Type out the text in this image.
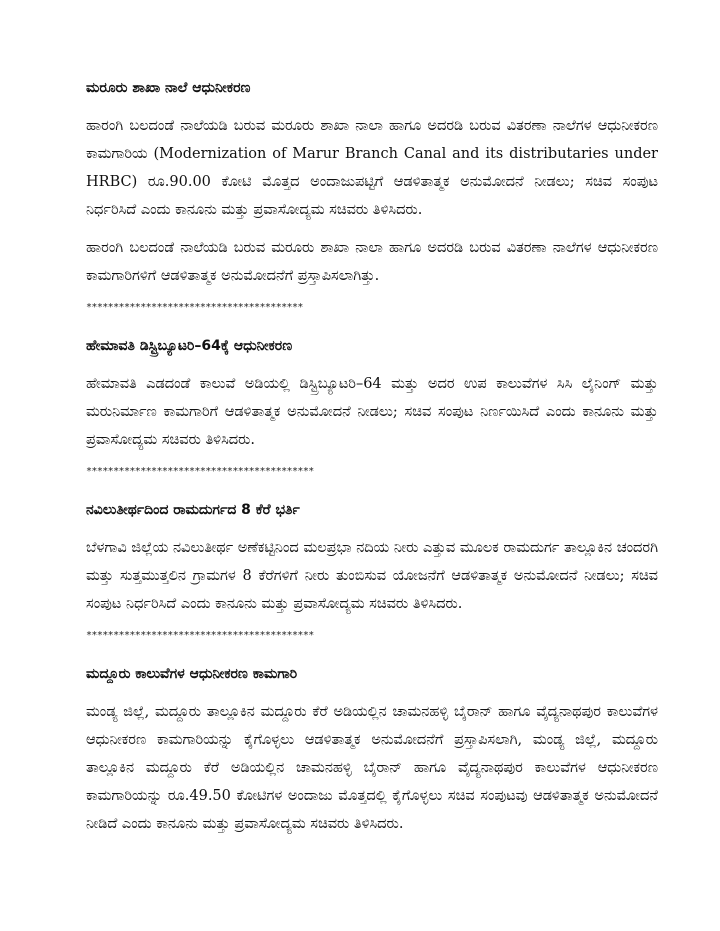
ಮರೂರು ಶಾಖಾ ನಾಲೆ ಆಧುನೀಕರಣ

ಹಾರಂಗಿ ಬಲದಂಡೆ ನಾಲೆಯಡಿ ಬರುವ ಮರೂರು ಶಾಖಾ ನಾಲಾ ಹಾಗೂ ಅದರಡಿ ಬರುವ ವಿತರಣಾ ನಾಲೆಗಳ ಆಧುನೀಕರಣ ಕಾಮಗಾರಿಯ (Modernization of Marur Branch Canal and its distributaries under HRBC) ರೂ.90.00 ಕೋಟಿ ಮೊತ್ತದ ಅಂದಾಜುಪಟ್ಟಿಗೆ ಆಡಳಿತಾತ್ಮಕ ಅನುಮೋದನೆ ನೀಡಲು; ಸಚಿವ ಸಂಪುಟ ನಿರ್ಧರಿಸಿದೆ ಎಂದು ಕಾನೂನು ಮತ್ತು ಪ್ರವಾಸೋದ್ಯಮ ಸಚಿವರು ತಿಳಿಸಿದರು.

ಹಾರಂಗಿ ಬಲದಂಡೆ ನಾಲೆಯಡಿ ಬರುವ ಮರೂರು ಶಾಖಾ ನಾಲಾ ಹಾಗೂ ಅದರಡಿ ಬರುವ ವಿತರಣಾ ನಾಲೆಗಳ ಆಧುನೀಕರಣ ಕಾಮಗಾರಿಗಳಿಗೆ ಆಡಳಿತಾತ್ಮಕ ಅನುಮೋದನೆಗೆ ಪ್ರಸ್ತಾಪಿಸಲಾಗಿತ್ತು.

****************************************
ಹೇಮಾವತಿ ಡಿಸ್ಟ್ರಿಬ್ಯೂಟರಿ–64ಕ್ಕೆ ಆಧುನೀಕರಣ

ಹೇಮಾವತಿ ಎಡದಂಡೆ ಕಾಲುವೆ ಅಡಿಯಲ್ಲಿ ಡಿಸ್ಟ್ರಿಬ್ಯೂಟರಿ–64 ಮತ್ತು ಅದರ ಉಪ ಕಾಲುವೆಗಳ ಸಿಸಿ ಲೈನಿಂಗ್ ಮತ್ತು ಮರುನಿರ್ಮಾಣ ಕಾಮಗಾರಿಗೆ ಆಡಳಿತಾತ್ಮಕ ಅನುಮೋದನೆ ನೀಡಲು; ಸಚಿವ ಸಂಪುಟ ನಿರ್ಣಯಿಸಿದೆ ಎಂದು ಕಾನೂನು ಮತ್ತು ಪ್ರವಾಸೋದ್ಯಮ ಸಚಿವರು ತಿಳಿಸಿದರು.

******************************************
ನವಿಲುತೀರ್ಥದಿಂದ ರಾಮದುರ್ಗದ 8 ಕೆರೆ ಭರ್ತಿ

ಬೆಳಗಾವಿ ಜಿಲ್ಲೆಯ ನವಿಲುತೀರ್ಥ ಅಣೆಕಟ್ಟಿನಿಂದ ಮಲಪ್ರಭಾ ನದಿಯ ನೀರು ಎತ್ತುವ ಮೂಲಕ ರಾಮದುರ್ಗ ತಾಲ್ಲೂಕಿನ ಚಂದರಗಿ ಮತ್ತು ಸುತ್ತಮುತ್ತಲಿನ ಗ್ರಾಮಗಳ 8 ಕೆರೆಗಳಿಗೆ ನೀರು ತುಂಬಿಸುವ ಯೋಜನೆಗೆ ಆಡಳಿತಾತ್ಮಕ ಅನುಮೋದನೆ ನೀಡಲು; ಸಚಿವ ಸಂಪುಟ ನಿರ್ಧರಿಸಿದೆ ಎಂದು ಕಾನೂನು ಮತ್ತು ಪ್ರವಾಸೋದ್ಯಮ ಸಚಿವರು ತಿಳಿಸಿದರು.

******************************************
ಮದ್ದೂರು ಕಾಲುವೆಗಳ ಆಧುನೀಕರಣ ಕಾಮಗಾರಿ

ಮಂಡ್ಯ ಜಿಲ್ಲೆ, ಮದ್ದೂರು ತಾಲ್ಲೂಕಿನ ಮದ್ದೂರು ಕೆರೆ ಅಡಿಯಲ್ಲಿನ ಚಾಮನಹಳ್ಳಿ ಬೈರಾನ್ ಹಾಗೂ ವೈದ್ಯನಾಥಪುರ ಕಾಲುವೆಗಳ ಆಧುನೀಕರಣ ಕಾಮಗಾರಿಯನ್ನು ಕೈಗೊಳ್ಳಲು ಆಡಳಿತಾತ್ಮಕ ಅನುಮೋದನೆಗೆ ಪ್ರಸ್ತಾಪಿಸಲಾಗಿ, ಮಂಡ್ಯ ಜಿಲ್ಲೆ, ಮದ್ದೂರು ತಾಲ್ಲೂಕಿನ ಮದ್ದೂರು ಕೆರೆ ಅಡಿಯಲ್ಲಿನ ಚಾಮನಹಳ್ಳಿ ಬೈರಾನ್ ಹಾಗೂ ವೈದ್ಯನಾಥಪುರ ಕಾಲುವೆಗಳ ಆಧುನೀಕರಣ ಕಾಮಗಾರಿಯನ್ನು ರೂ.49.50 ಕೋಟಿಗಳ ಅಂದಾಜು ಮೊತ್ತದಲ್ಲಿ ಕೈಗೊಳ್ಳಲು ಸಚಿವ ಸಂಪುಟವು ಆಡಳಿತಾತ್ಮಕ ಅನುಮೋದನೆ ನೀಡಿದೆ ಎಂದು ಕಾನೂನು ಮತ್ತು ಪ್ರವಾಸೋದ್ಯಮ ಸಚಿವರು ತಿಳಿಸಿದರು.
